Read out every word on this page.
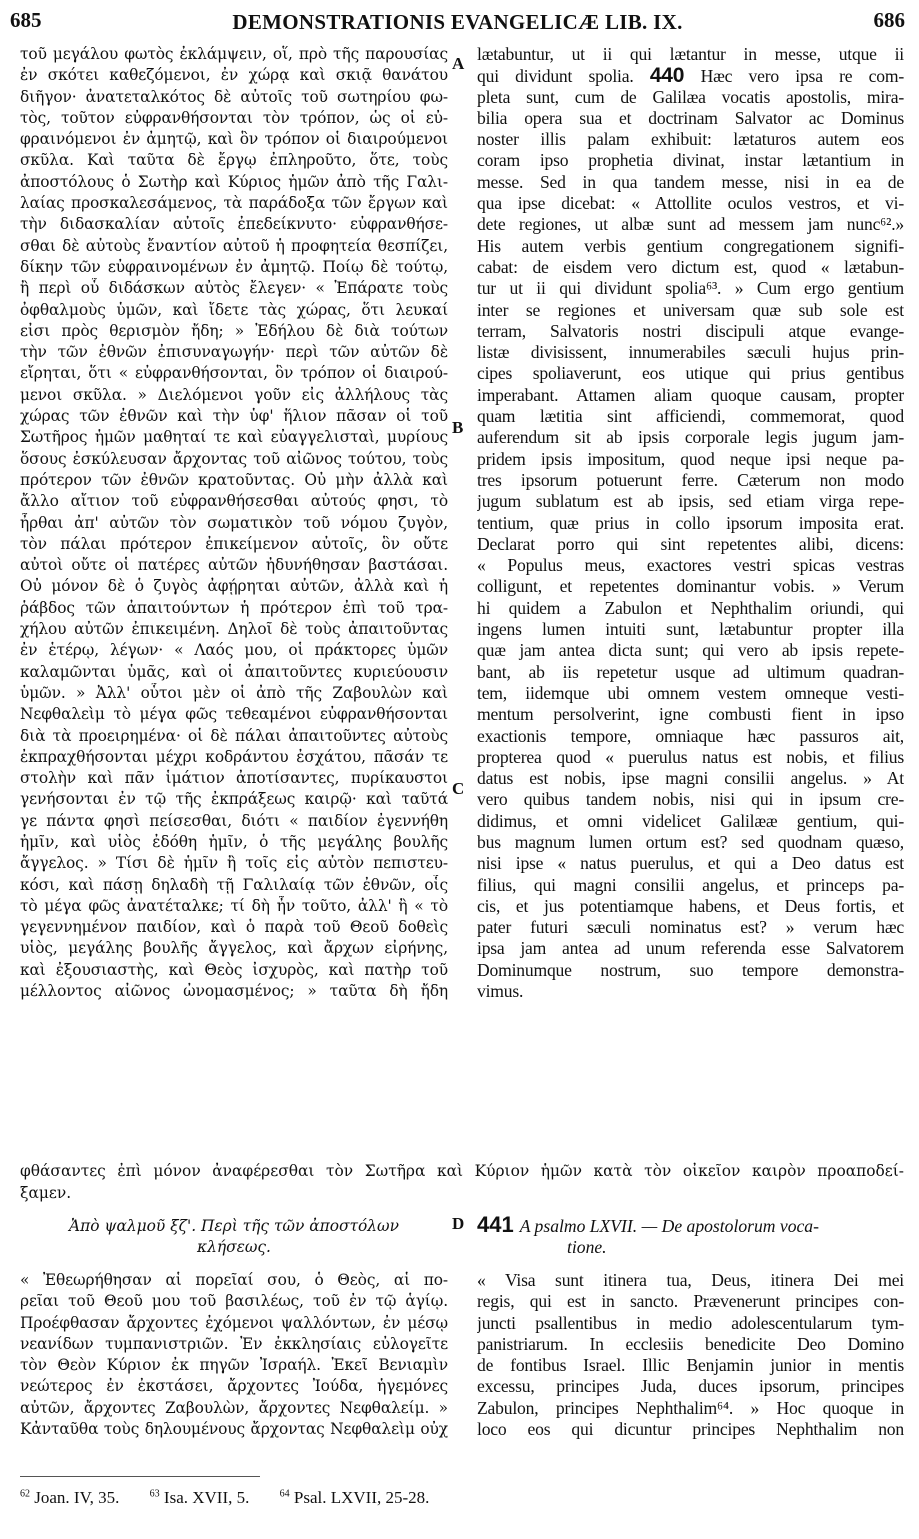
685	DEMONSTRATIONIS EVANGELICÆ LIB. IX.	686
τοῦ μεγάλου φωτὸς ἐκλάμψειν, οἵ, πρὸ τῆς παρουσίας
ἐν σκότει καθεζόμενοι, ἐν χώρᾳ καὶ σκιᾷ θανάτου
διῆγον· ἀνατεταλκότος δὲ αὐτοῖς τοῦ σωτηρίου φω-
τὸς, τοῦτον εὐφρανθήσονται τὸν τρόπον, ὡς οἱ εὐ-
φραινόμενοι ἐν ἀμητῷ, καὶ ὃν τρόπον οἱ διαιρούμενοι
σκῦλα. Καὶ ταῦτα δὲ ἔργῳ ἐπληροῦτο, ὅτε, τοὺς
ἀποστόλους ὁ Σωτὴρ καὶ Κύριος ἡμῶν ἀπὸ τῆς Γαλι-
λαίας προσκαλεσάμενος, τὰ παράδοξα τῶν ἔργων καὶ
τὴν διδασκαλίαν αὐτοῖς ἐπεδείκνυτο· εὐφρανθήσε-
σθαι δὲ αὐτοὺς ἔναντίον αὐτοῦ ἡ προφητεία θεσπίζει,
δίκην τῶν εὐφραινομένων ἐν ἀμητῷ. Ποίῳ δὲ τούτῳ,
ἢ περὶ οὗ διδάσκων αὐτὸς ἔλεγεν· « Ἐπάρατε τοὺς
ὀφθαλμοὺς ὑμῶν, καὶ ἴδετε τὰς χώρας, ὅτι λευκαί
εἰσι πρὸς θερισμὸν ἤδη; » Ἐδήλου δὲ διὰ τούτων
τὴν τῶν ἐθνῶν ἐπισυναγωγήν· περὶ τῶν αὐτῶν δὲ
εἴρηται, ὅτι « εὐφρανθήσονται, ὃν τρόπον οἱ διαιρού-
μενοι σκῦλα. » Διελόμενοι γοῦν εἰς ἀλλήλους τὰς
χώρας τῶν ἐθνῶν καὶ τὴν ὑφ' ἥλιον πᾶσαν οἱ τοῦ
Σωτῆρος ἡμῶν μαθηταί τε καὶ εὐαγγελισταὶ, μυρίους
ὅσους ἐσκύλευσαν ἄρχοντας τοῦ αἰῶνος τούτου, τοὺς
πρότερον τῶν ἐθνῶν κρατοῦντας. Οὐ μὴν ἀλλὰ καὶ
ἄλλο αἴτιον τοῦ εὐφρανθήσεσθαι αὐτούς φησι, τὸ
ἦρθαι ἀπ' αὐτῶν τὸν σωματικὸν τοῦ νόμου ζυγὸν,
τὸν πάλαι πρότερον ἐπικείμενον αὐτοῖς, ὃν οὔτε
αὐτοὶ οὔτε οἱ πατέρες αὐτῶν ἠδυνήθησαν βαστάσαι.
Οὐ μόνον δὲ ὁ ζυγὸς ἀφῄρηται αὐτῶν, ἀλλὰ καὶ ἡ
ῥάβδος τῶν ἀπαιτούντων ἡ πρότερον ἐπὶ τοῦ τρα-
χήλου αὐτῶν ἐπικειμένη. Δηλοῖ δὲ τοὺς ἀπαιτοῦντας
ἐν ἑτέρῳ, λέγων· « Λαός μου, οἱ πράκτορες ὑμῶν
καλαμῶνται ὑμᾶς, καὶ οἱ ἀπαιτοῦντες κυριεύουσιν
ὑμῶν. » Ἀλλ' οὗτοι μὲν οἱ ἀπὸ τῆς Ζαβουλὼν καὶ
Νεφθαλεὶμ τὸ μέγα φῶς τεθεαμένοι εὐφρανθήσονται
διὰ τὰ προειρημένα· οἱ δὲ πάλαι ἀπαιτοῦντες αὐτοὺς
ἐκπραχθήσονται μέχρι κοδράντου ἐσχάτου, πᾶσάν τε
στολὴν καὶ πᾶν ἱμάτιον ἀποτίσαντες, πυρίκαυστοι
γενήσονται ἐν τῷ τῆς ἐκπράξεως καιρῷ· καὶ ταῦτά
γε πάντα φησὶ πείσεσθαι, διότι « παιδίον ἐγεννήθη
ἡμῖν, καὶ υἱὸς ἐδόθη ἡμῖν, ὁ τῆς μεγάλης βουλῆς
ἄγγελος. » Τίσι δὲ ἡμῖν ἢ τοῖς εἰς αὐτὸν πεπιστευ-
κόσι, καὶ πάσῃ δηλαδὴ τῇ Γαλιλαίᾳ τῶν ἐθνῶν, οἷς
τὸ μέγα φῶς ἀνατέταλκε; τί δὴ ἦν τοῦτο, ἀλλ' ἢ « τὸ
γεγεννημένον παιδίον, καὶ ὁ παρὰ τοῦ Θεοῦ δοθεὶς
υἱὸς, μεγάλης βουλῆς ἄγγελος, καὶ ἄρχων εἰρήνης,
καὶ ἐξουσιαστὴς, καὶ Θεὸς ἰσχυρὸς, καὶ πατὴρ τοῦ
μέλλοντος αἰῶνος ὠνομασμένος; » ταῦτα δὴ ἤδη
lætabuntur, ut ii qui lætantur in messe, utque ii
qui dividunt spolia. 440 Hæc vero ipsa re com-
pleta sunt, cum de Galilæa vocatis apostolis, mira-
bilia opera sua et doctrinam Salvator ac Dominus
noster illis palam exhibuit: lætaturos autem eos
coram ipso prophetia divinat, instar lætantium in
messe. Sed in qua tandem messe, nisi in ea de
qua ipse dicebat: « Attollite oculos vestros, et vi-
dete regiones, ut albæ sunt ad messem jam nunc⁶².»
His autem verbis gentium congregationem signifi-
cabat: de eisdem vero dictum est, quod « lætabun-
tur ut ii qui dividunt spolia⁶³. » Cum ergo gentium
inter se regiones et universam quæ sub sole est
terram, Salvatoris nostri discipuli atque evange-
listæ divisissent, innumerabiles sæculi hujus prin-
cipes spoliaverunt, eos utique qui prius gentibus
imperabant. Attamen aliam quoque causam, propter
quam lætitia sint afficiendi, commemorat, quod
auferendum sit ab ipsis corporale legis jugum jam-
pridem ipsis impositum, quod neque ipsi neque pa-
tres ipsorum potuerunt ferre. Cæterum non modo
jugum sublatum est ab ipsis, sed etiam virga repe-
tentium, quæ prius in collo ipsorum imposita erat.
Declarat porro qui sint repetentes alibi, dicens:
« Populus meus, exactores vestri spicas vestras
colligunt, et repetentes dominantur vobis. » Verum
hi quidem a Zabulon et Nephthalim oriundi, qui
ingens lumen intuiti sunt, lætabuntur propter illa
quæ jam antea dicta sunt; qui vero ab ipsis repete-
bant, ab iis repetetur usque ad ultimum quadran-
tem, iidemque ubi omnem vestem omneque vesti-
mentum persolverint, igne combusti fient in ipso
exactionis tempore, omniaque hæc passuros ait,
propterea quod « puerulus natus est nobis, et filius
datus est nobis, ipse magni consilii angelus. » At
vero quibus tandem nobis, nisi qui in ipsum cre-
didimus, et omni videlicet Galilææ gentium, qui-
bus magnum lumen ortum est? sed quodnam quæso,
nisi ipse « natus puerulus, et qui a Deo datus est
filius, qui magni consilii angelus, et princeps pa-
cis, et jus potentiamque habens, et Deus fortis, et
pater futuri sæculi nominatus est? » verum hæc
ipsa jam antea ad unum referenda esse Salvatorem
Dominumque nostrum, suo tempore demonstra-
vimus.
A
B
C
D
φθάσαντες ἐπὶ μόνον ἀναφέρεσθαι τὸν Σωτῆρα καὶ Κύριον ἡμῶν κατὰ τὸν οἰκεῖον καιρὸν προαποδεί-
ξαμεν.
Ἀπὸ ψαλμοῦ ξζ'. Περὶ τῆς τῶν ἀποστόλων
κλήσεως.
441 A psalmo LXVII. — De apostolorum voca-
tione.
« Ἐθεωρήθησαν αἱ πορεῖαί σου, ὁ Θεὸς, αἱ πο-
ρεῖαι τοῦ Θεοῦ μου τοῦ βασιλέως, τοῦ ἐν τῷ ἁγίῳ.
Προέφθασαν ἄρχοντες ἐχόμενοι ψαλλόντων, ἐν μέσῳ
νεανίδων τυμπανιστριῶν. Ἐν ἐκκλησίαις εὐλογεῖτε
τὸν Θεὸν Κύριον ἐκ πηγῶν Ἰσραήλ. Ἐκεῖ Βενιαμὶν
νεώτερος ἐν ἐκστάσει, ἄρχοντες Ἰούδα, ἡγεμόνες
αὐτῶν, ἄρχοντες Ζαβουλὼν, ἄρχοντες Νεφθαλείμ. »
Κἀνταῦθα τοὺς δηλουμένους ἄρχοντας Νεφθαλεὶμ οὐχ
« Visa sunt itinera tua, Deus, itinera Dei mei
regis, qui est in sancto. Prævenerunt principes con-
juncti psallentibus in medio adolescentularum tym-
panistriarum. In ecclesiis benedicite Deo Domino
de fontibus Israel. Illic Benjamin junior in mentis
excessu, principes Juda, duces ipsorum, principes
Zabulon, principes Nephthalim⁶⁴. » Hoc quoque in
loco eos qui dicuntur principes Nephthalim non
$^{62}$ Joan. IV, 35.	$^{63}$ Isa. XVII, 5.	$^{64}$ Psal. LXVII, 25-28.
